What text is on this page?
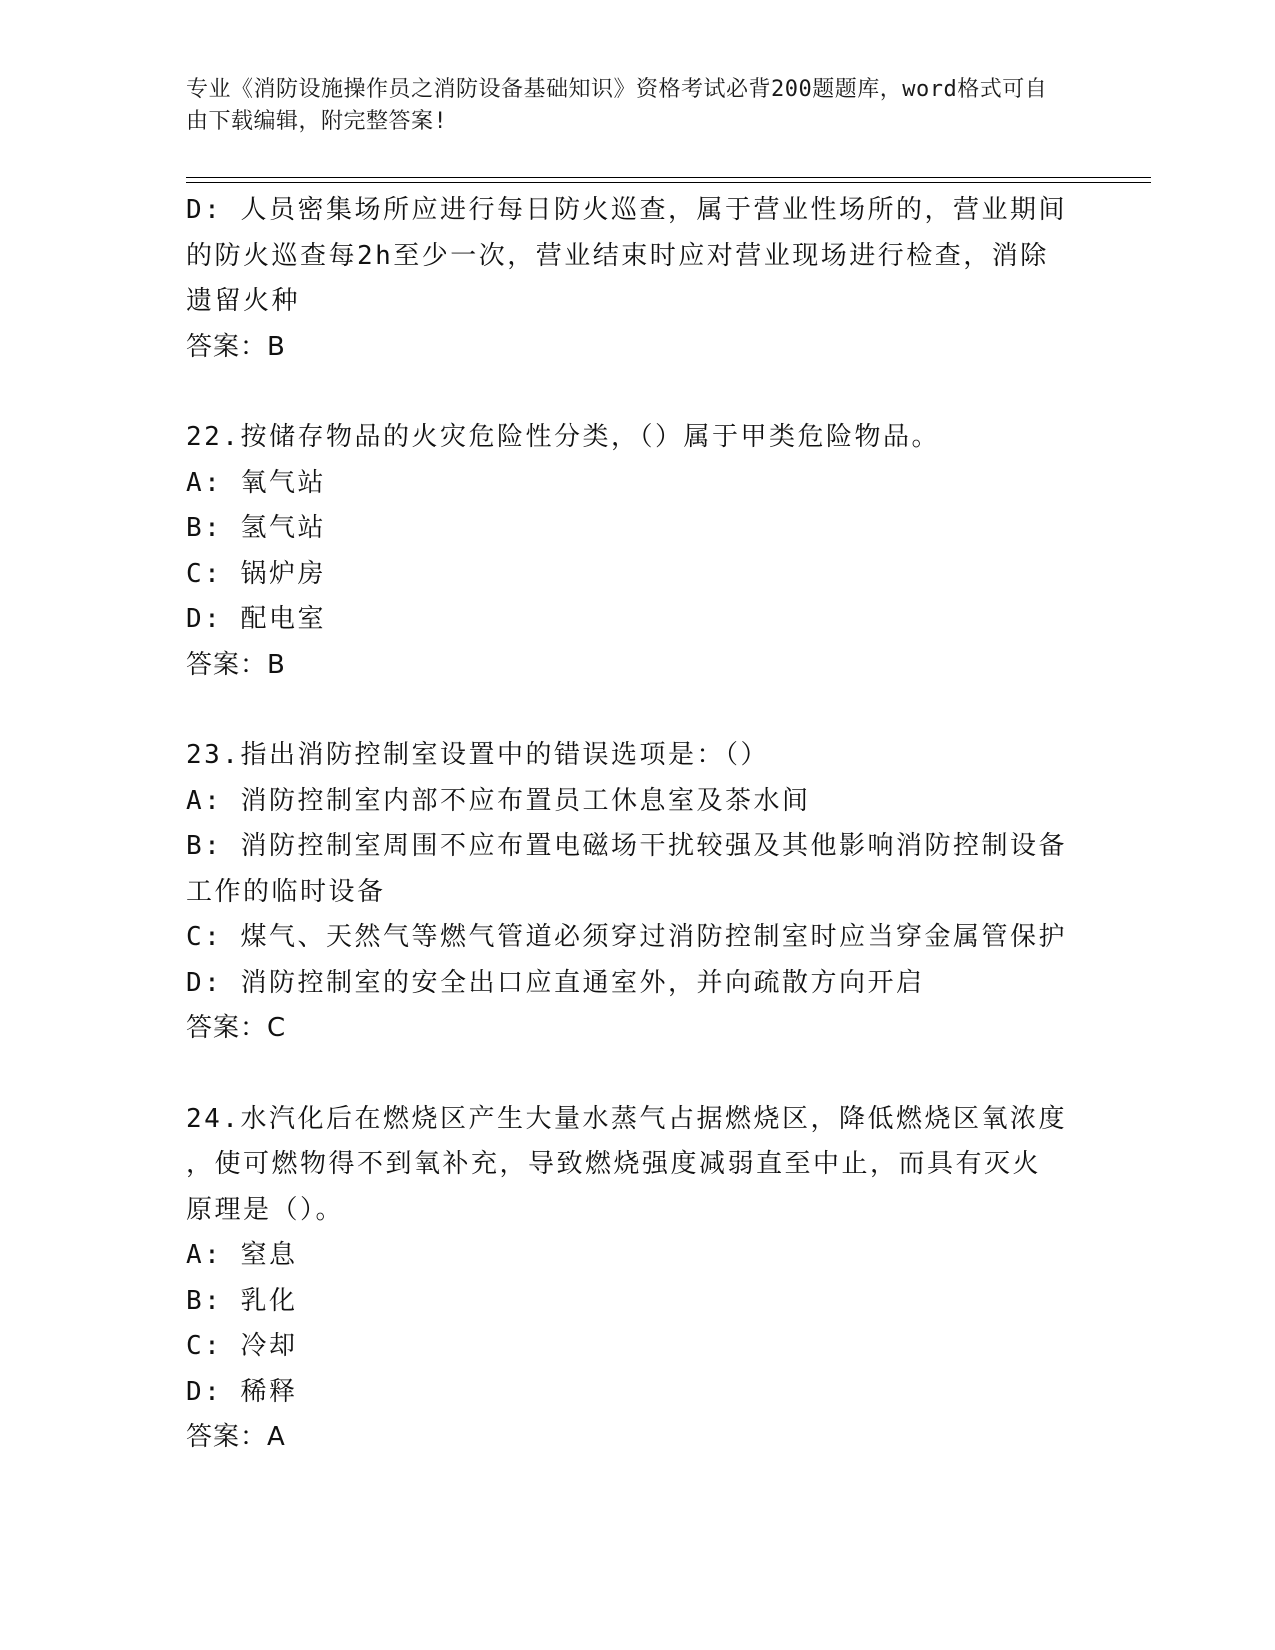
专业《消防设施操作员之消防设备基础知识》资格考试必背200题题库，word格式可自由下载编辑，附完整答案!
D: 人员密集场所应进行每日防火巡查，属于营业性场所的，营业期间
的防火巡查每2h至少一次，营业结束时应对营业现场进行检查，消除
遗留火种
答案：B
22.按储存物品的火灾危险性分类，（）属于甲类危险物品。
A: 氧气站
B: 氢气站
C: 锅炉房
D: 配电室
答案：B
23.指出消防控制室设置中的错误选项是：（）
A: 消防控制室内部不应布置员工休息室及茶水间
B: 消防控制室周围不应布置电磁场干扰较强及其他影响消防控制设备
工作的临时设备
C: 煤气、天然气等燃气管道必须穿过消防控制室时应当穿金属管保护
D: 消防控制室的安全出口应直通室外，并向疏散方向开启
答案：C
24.水汽化后在燃烧区产生大量水蒸气占据燃烧区，降低燃烧区氧浓度
，使可燃物得不到氧补充，导致燃烧强度减弱直至中止，而具有灭火
原理是（）。
A: 窒息
B: 乳化
C: 冷却
D: 稀释
答案：A
